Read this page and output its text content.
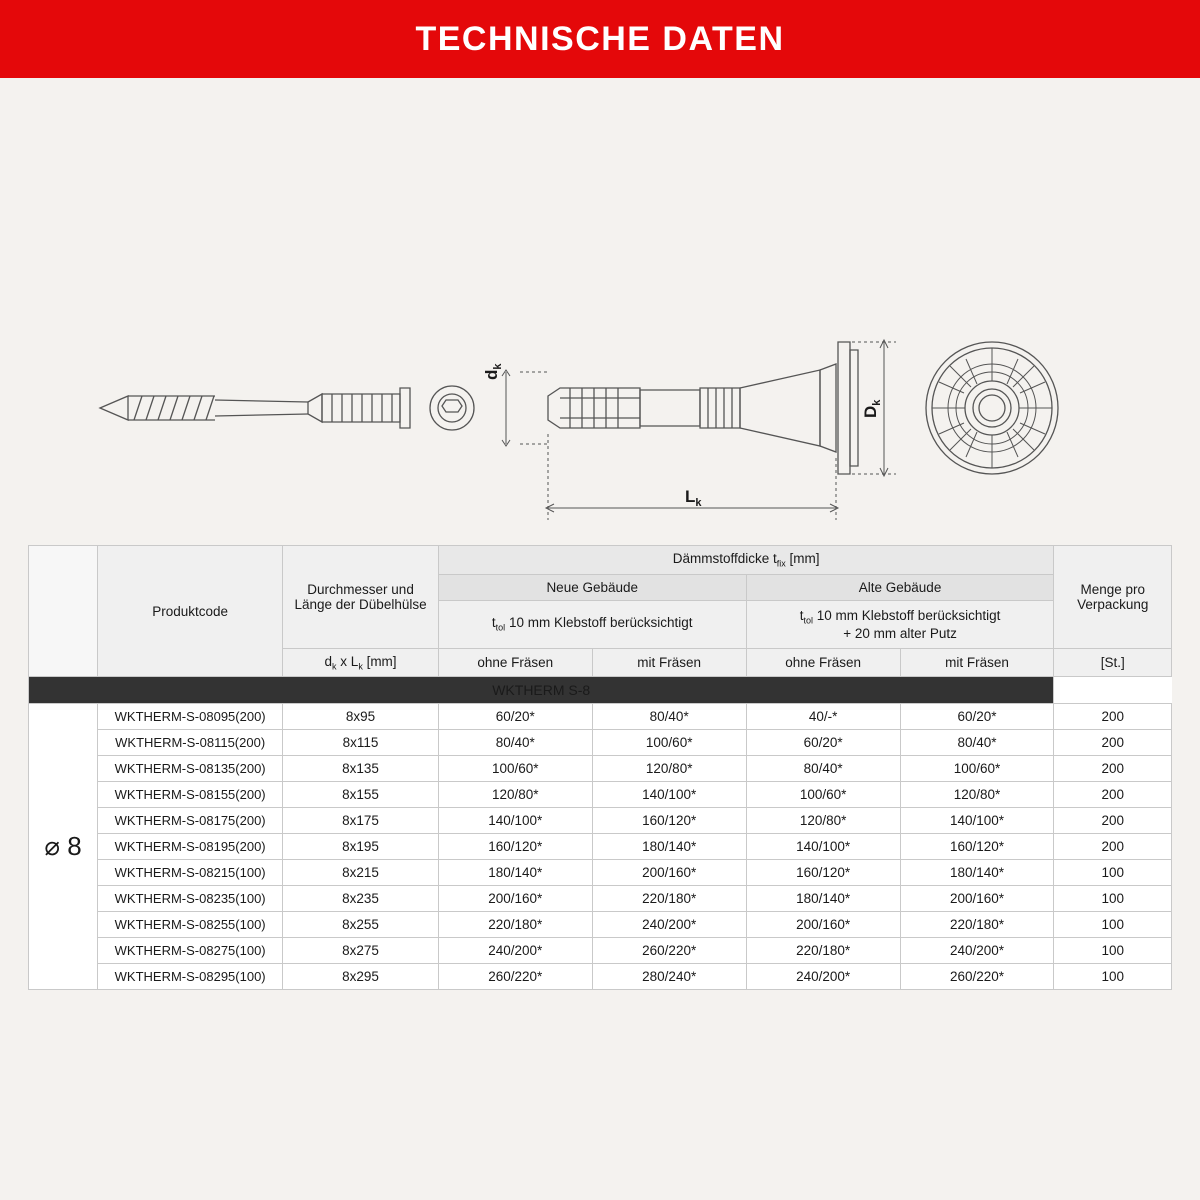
TECHNISCHE DATEN
$d_k$
$D_k$
$L_k$
	Produktcode	Durchmesser und Länge der Dübelhülse	Dämmstoffdicke $t_{fix}$ [mm]				Menge pro Verpackung
			Neue Gebäude		Alte Gebäude		
			$t_{tol}$ 10 mm Klebstoff berücksichtigt		$t_{tol}$ 10 mm Klebstoff berücksichtigt
+ 20 mm alter Putz		
		$d_k$ x $L_k$ [mm]	ohne Fräsen	mit Fräsen	ohne Fräsen	mit Fräsen	[St.]
WKTHERM S-8							
⌀ 8	WKTHERM-S-08095(200)	8x95	60/20*	80/40*	40/-*	60/20*	200
	WKTHERM-S-08115(200)	8x115	80/40*	100/60*	60/20*	80/40*	200
	WKTHERM-S-08135(200)	8x135	100/60*	120/80*	80/40*	100/60*	200
	WKTHERM-S-08155(200)	8x155	120/80*	140/100*	100/60*	120/80*	200
	WKTHERM-S-08175(200)	8x175	140/100*	160/120*	120/80*	140/100*	200
	WKTHERM-S-08195(200)	8x195	160/120*	180/140*	140/100*	160/120*	200
	WKTHERM-S-08215(100)	8x215	180/140*	200/160*	160/120*	180/140*	100
	WKTHERM-S-08235(100)	8x235	200/160*	220/180*	180/140*	200/160*	100
	WKTHERM-S-08255(100)	8x255	220/180*	240/200*	200/160*	220/180*	100
	WKTHERM-S-08275(100)	8x275	240/200*	260/220*	220/180*	240/200*	100
	WKTHERM-S-08295(100)	8x295	260/220*	280/240*	240/200*	260/220*	100
